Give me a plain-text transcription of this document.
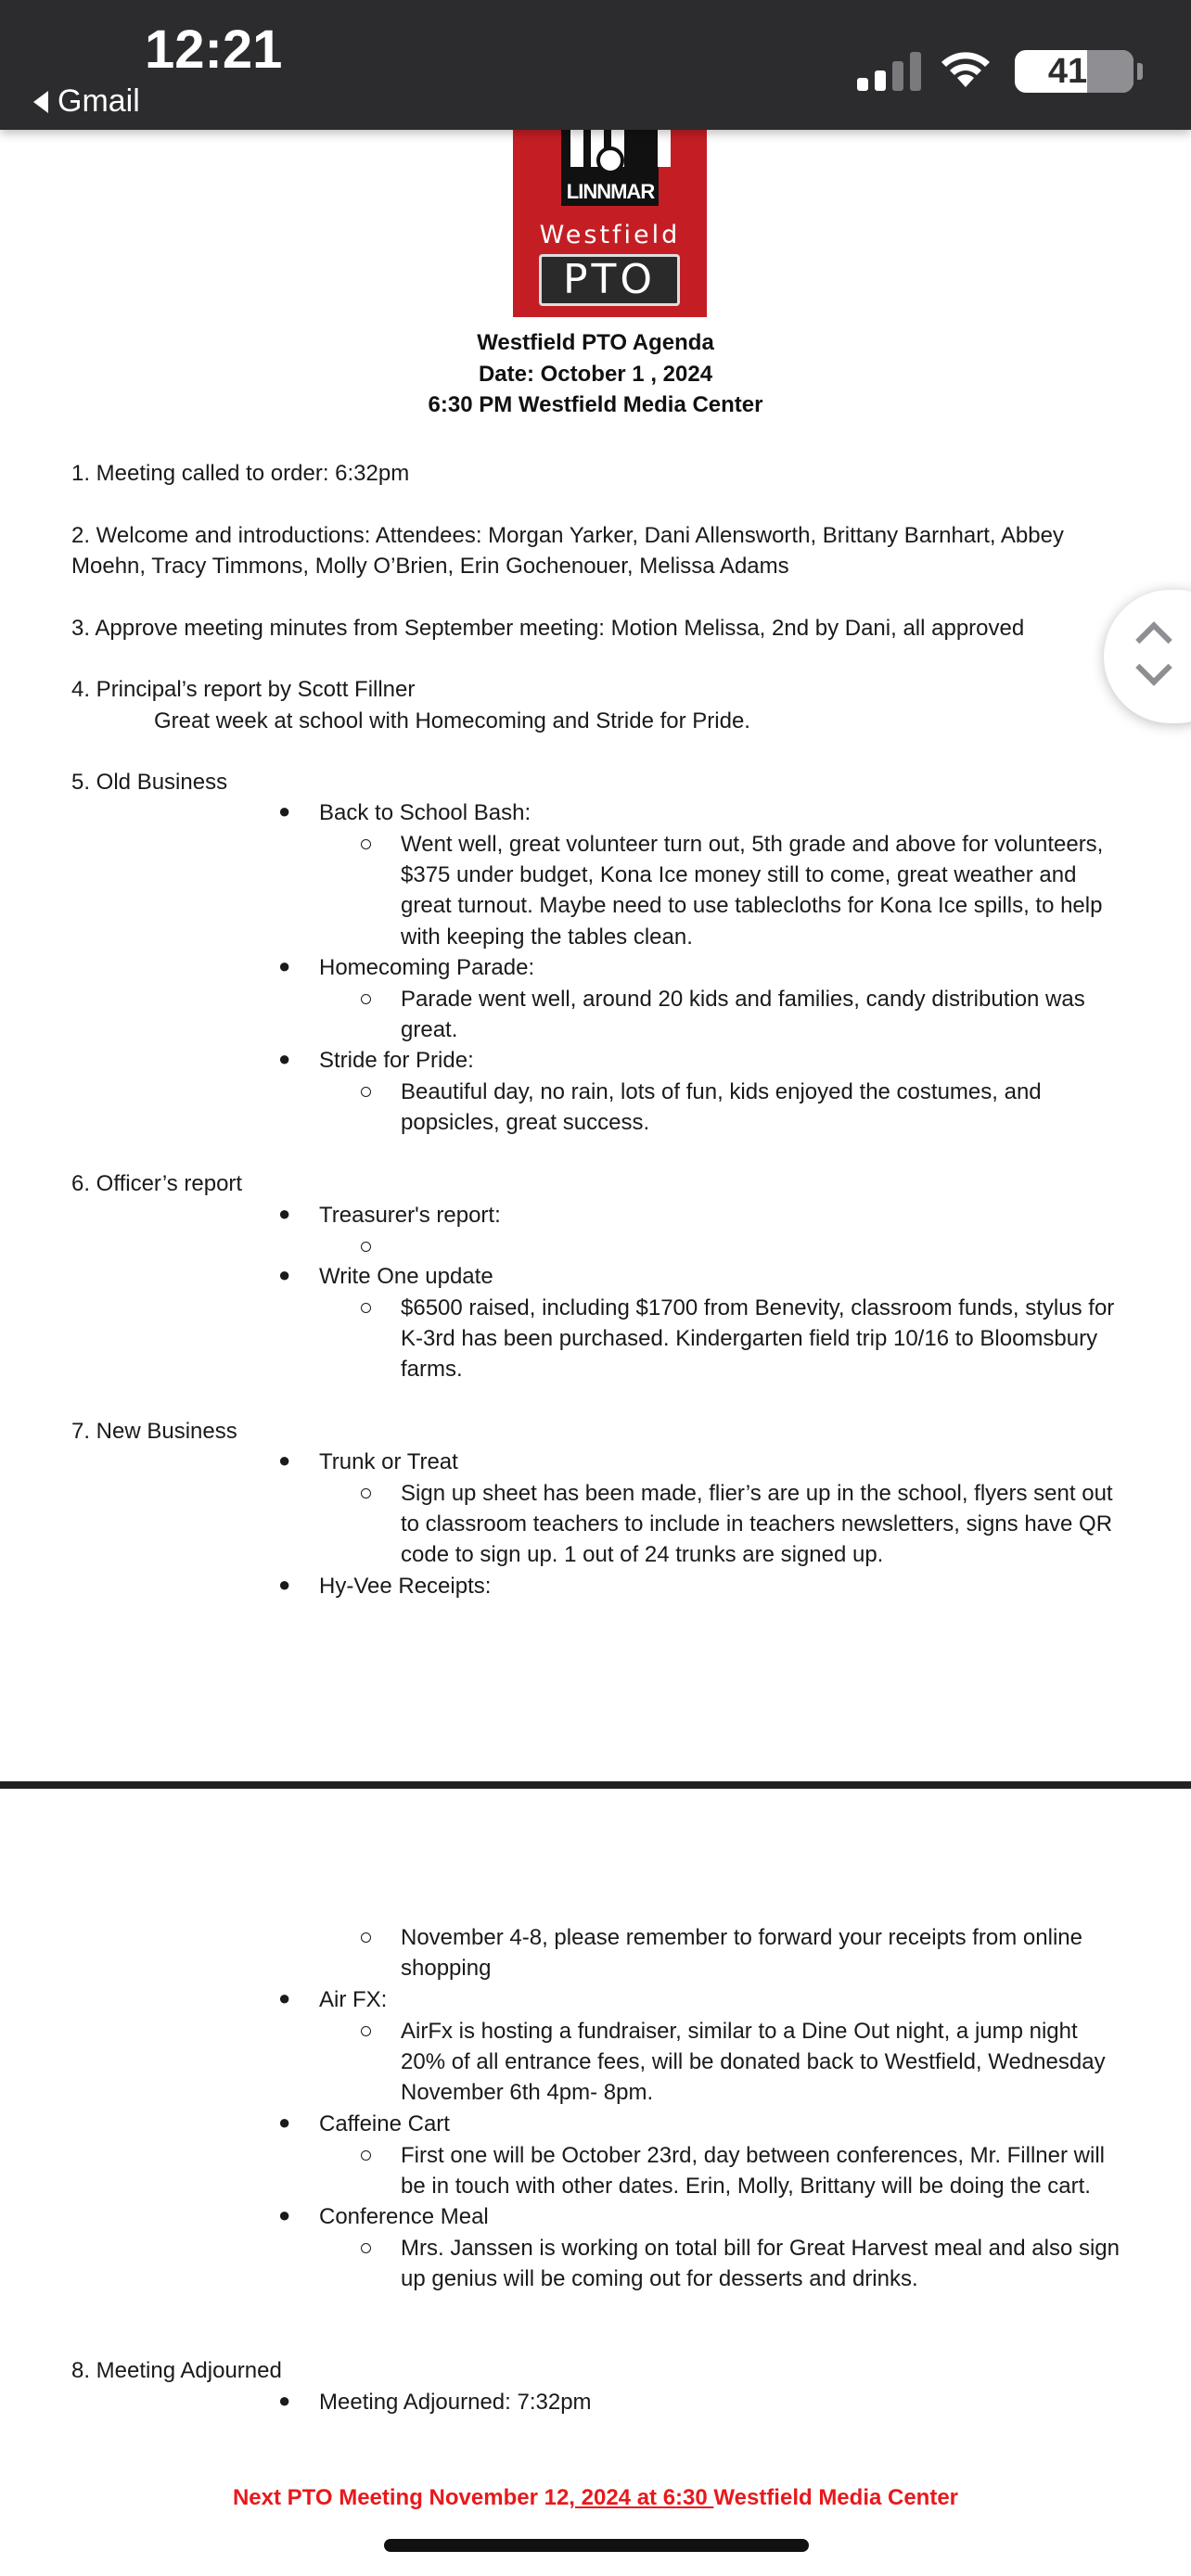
12:21
Gmail
41
LINNMAR
Westfield
PTO
Westfield PTO Agenda
Date: October 1 , 2024
6:30 PM Westfield Media Center
1. Meeting called to order: 6:32pm
2. Welcome and introductions: Attendees: Morgan Yarker, Dani Allensworth, Brittany Barnhart, Abbey
Moehn, Tracy Timmons, Molly O’Brien, Erin Gochenouer, Melissa Adams
3. Approve meeting minutes from September meeting: Motion Melissa, 2nd by Dani, all approved
4. Principal’s report by Scott Fillner
Great week at school with Homecoming and Stride for Pride.
5. Old Business
● Back to School Bash:
Went well, great volunteer turn out, 5th grade and above for volunteers,
$375 under budget, Kona Ice money still to come, great weather and
great turnout. Maybe need to use tablecloths for Kona Ice spills, to help
with keeping the tables clean.
● Homecoming Parade:
Parade went well, around 20 kids and families, candy distribution was
great.
● Stride for Pride:
Beautiful day, no rain, lots of fun, kids enjoyed the costumes, and
popsicles, great success.
6. Officer’s report
● Treasurer's report:
● Write One update
$6500 raised, including $1700 from Benevity, classroom funds, stylus for
K-3rd has been purchased. Kindergarten field trip 10/16 to Bloomsbury
farms.
7. New Business
● Trunk or Treat
Sign up sheet has been made, flier’s are up in the school, flyers sent out
to classroom teachers to include in teachers newsletters, signs have QR
code to sign up. 1 out of 24 trunks are signed up.
● Hy-Vee Receipts:
November 4-8, please remember to forward your receipts from online
shopping
● Air FX:
AirFx is hosting a fundraiser, similar to a Dine Out night, a jump night
20% of all entrance fees, will be donated back to Westfield, Wednesday
November 6th 4pm- 8pm.
● Caffeine Cart
First one will be October 23rd, day between conferences, Mr. Fillner will
be in touch with other dates. Erin, Molly, Brittany will be doing the cart.
● Conference Meal
Mrs. Janssen is working on total bill for Great Harvest meal and also sign
up genius will be coming out for desserts and drinks.
8. Meeting Adjourned
● Meeting Adjourned: 7:32pm
Next PTO Meeting November 12, 2024 at 6:30 Westfield Media Center
